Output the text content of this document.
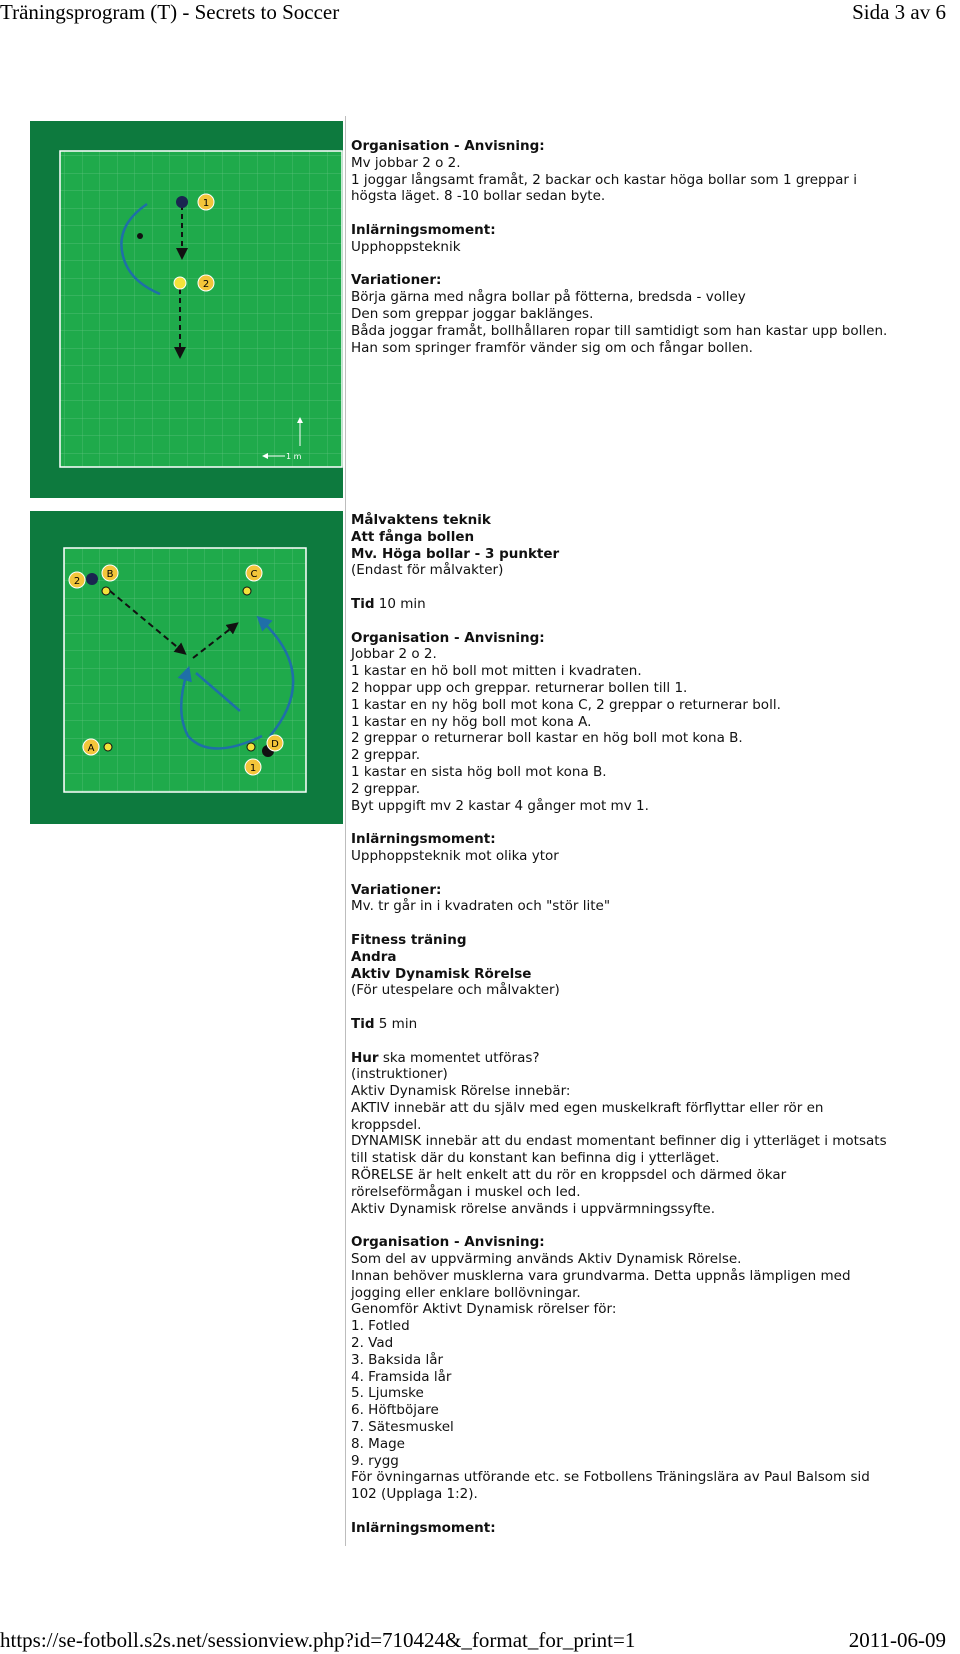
Träningsprogram (T) - Secrets to Soccer	Sida 3 av 6
https://se-fotboll.s2s.net/sessionview.php?id=710424&_format_for_print=1	2011-06-09
1
2
1 m
2
B	C
A	D
1
Organisation - Anvisning:
Mv jobbar 2 o 2.
1 joggar långsamt framåt, 2 backar och kastar höga bollar som 1 greppar i
högsta läget. 8 -10 bollar sedan byte.
Inlärningsmoment:
Upphoppsteknik
Variationer:
Börja gärna med några bollar på fötterna, bredsda - volley
Den som greppar joggar baklänges.
Båda joggar framåt, bollhållaren ropar till samtidigt som han kastar upp bollen.
Han som springer framför vänder sig om och fångar bollen.
Målvaktens teknik
Att fånga bollen
Mv. Höga bollar - 3 punkter
(Endast för målvakter)
Tid 10 min
Organisation - Anvisning:
Jobbar 2 o 2.
1 kastar en hö boll mot mitten i kvadraten.
2 hoppar upp och greppar. returnerar bollen till 1.
1 kastar en ny hög boll mot kona C, 2 greppar o returnerar boll.
1 kastar en ny hög boll mot kona A.
2 greppar o returnerar boll kastar en hög boll mot kona B.
2 greppar.
1 kastar en sista hög boll mot kona B.
2 greppar.
Byt uppgift mv 2 kastar 4 gånger mot mv 1.
Inlärningsmoment:
Upphoppsteknik mot olika ytor
Variationer:
Mv. tr går in i kvadraten och "stör lite"
Fitness träning
Andra
Aktiv Dynamisk Rörelse
(För utespelare och målvakter)
Tid 5 min
Hur ska momentet utföras?
(instruktioner)
Aktiv Dynamisk Rörelse innebär:
AKTIV innebär att du själv med egen muskelkraft förflyttar eller rör en
kroppsdel.
DYNAMISK innebär att du endast momentant befinner dig i ytterläget i motsats
till statisk där du konstant kan befinna dig i ytterläget.
RÖRELSE är helt enkelt att du rör en kroppsdel och därmed ökar
rörelseförmågan i muskel och led.
Aktiv Dynamisk rörelse används i uppvärmningssyfte.
Organisation - Anvisning:
Som del av uppvärming används Aktiv Dynamisk Rörelse.
Innan behöver musklerna vara grundvarma. Detta uppnås lämpligen med
jogging eller enklare bollövningar.
Genomför Aktivt Dynamisk rörelser för:
1. Fotled
2. Vad
3. Baksida lår
4. Framsida lår
5. Ljumske
6. Höftböjare
7. Sätesmuskel
8. Mage
9. rygg
För övningarnas utförande etc. se Fotbollens Träningslära av Paul Balsom sid
102 (Upplaga 1:2).
Inlärningsmoment:
